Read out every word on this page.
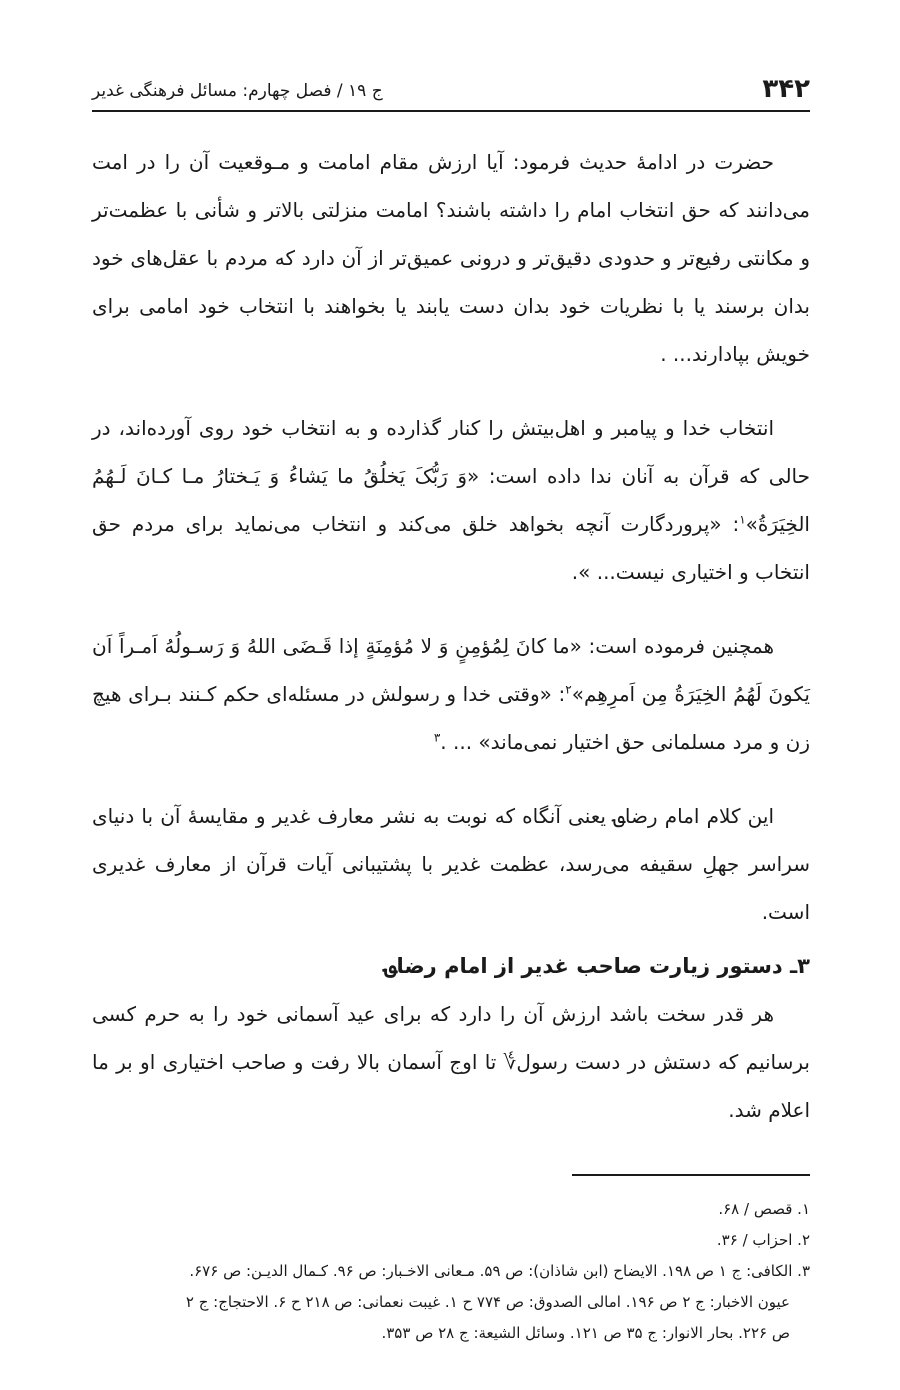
۳۴۲
ج ۱۹ / فصل چهارم: مسائل فرهنگی غدیر

حضرت در ادامهٔ حدیث فرمود: آیا ارزش مقام امامت و مـوقعیت آن را در امت می‌دانند که حق انتخاب امام را داشته باشند؟ امامت منزلتی بالاتر و شأنی با عظمت‌تر و مکانتی رفیع‌تر و حدودی دقیق‌تر و درونی عمیق‌تر از آن دارد که مردم با عقل‌های خود بدان برسند یا با نظریات خود بدان دست یابند یا بخواهند با انتخاب خود امامی برای خویش بپادارند... .

انتخاب خدا و پیامبر و اهل‌بیتش را کنار گذارده و به انتخاب خود روی آورده‌اند، در حالی که قرآن به آنان ندا داده است: «وَ رَبُّکَ یَخلُقُ ما یَشاءُ وَ یَـختارُ مـا کـانَ لَـهُمُ الخِیَرَةُ»$^۱$: «پروردگارت آنچه بخواهد خلق می‌کند و انتخاب می‌نماید برای مردم حق انتخاب و اختیاری نیست... ».

همچنین فرموده است: «ما کانَ لِمُؤمِنٍ وَ لا مُؤمِنَةٍ إذا قَـضَی اللهُ وَ رَسـولُهُ اَمـراً اَن یَکونَ لَهُمُ الخِیَرَةُ مِن اَمرِهِم»$^۲$: «وقتی خدا و رسولش در مسئله‌ای حکم کـنند بـرای هیچ زن و مرد مسلمانی حق اختیار نمی‌ماند» ... .$^۳$

این کلام امام رضا؈ یعنی آنگاه که نوبت به نشر معارف غدیر و مقایسهٔ آن با دنیای سراسر جهلِ سقیفه می‌رسد، عظمت غدیر با پشتیبانی آیات قرآن از معارف غدیری است.

۳ـ دستور زیارت صاحب غدیر از امام رضا؈

هر قدر سخت باشد ارزش آن را دارد که برای عید آسمانی خود را به حرم کسی برسانیم که دستش در دست رسول؇ تا اوج آسمان بالا رفت و صاحب اختیاری او بر ما اعلام شد.

۱. قصص / ۶۸.
۲. احزاب / ۳۶.
۳. الکافی: ج ۱ ص ۱۹۸. الایضاح (ابن شاذان): ص ۵۹. مـعانی الاخـبار: ص ۹۶. کـمال الدیـن: ص ۶۷۶.
عیون الاخبار: ج ۲ ص ۱۹۶. امالی الصدوق: ص ۷۷۴ ح ۱. غیبت نعمانی: ص ۲۱۸ ح ۶. الاحتجاج: ج ۲
ص ۲۲۶. بحار الانوار: ج ۳۵ ص ۱۲۱. وسائل الشیعة: ج ۲۸ ص ۳۵۳.
